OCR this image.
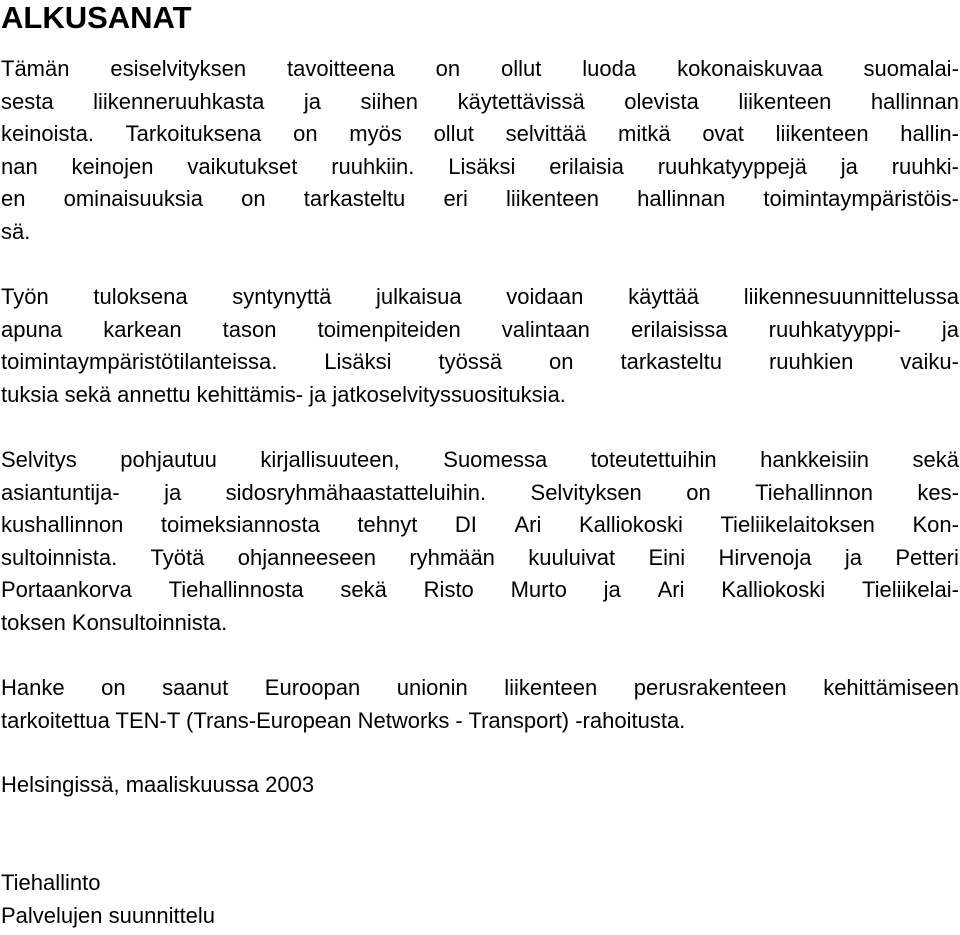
ALKUSANAT
Tämän esiselvityksen tavoitteena on ollut luoda kokonaiskuvaa suomalai-
sesta liikenneruuhkasta ja siihen käytettävissä olevista liikenteen hallinnan
keinoista. Tarkoituksena on myös ollut selvittää mitkä ovat liikenteen hallin-
nan keinojen vaikutukset ruuhkiin. Lisäksi erilaisia ruuhkatyyppejä ja ruuhki-
en ominaisuuksia on tarkasteltu eri liikenteen hallinnan toimintaympäristöis-
sä.
Työn tuloksena syntynyttä julkaisua voidaan käyttää liikennesuunnittelussa
apuna karkean tason toimenpiteiden valintaan erilaisissa ruuhkatyyppi- ja
toimintaympäristötilanteissa. Lisäksi työssä on tarkasteltu ruuhkien vaiku-
tuksia sekä annettu kehittämis- ja jatkoselvityssuosituksia.
Selvitys pohjautuu kirjallisuuteen, Suomessa toteutettuihin hankkeisiin sekä
asiantuntija- ja sidosryhmähaastatteluihin. Selvityksen on Tiehallinnon kes-
kushallinnon toimeksiannosta tehnyt DI Ari Kalliokoski Tieliikelaitoksen Kon-
sultoinnista. Työtä ohjanneeseen ryhmään kuuluivat Eini Hirvenoja ja Petteri
Portaankorva Tiehallinnosta sekä Risto Murto ja Ari Kalliokoski Tieliikelai-
toksen Konsultoinnista.
Hanke on saanut Euroopan unionin liikenteen perusrakenteen kehittämiseen
tarkoitettua TEN-T (Trans-European Networks - Transport) -rahoitusta.
Helsingissä, maaliskuussa 2003
Tiehallinto
Palvelujen suunnittelu
